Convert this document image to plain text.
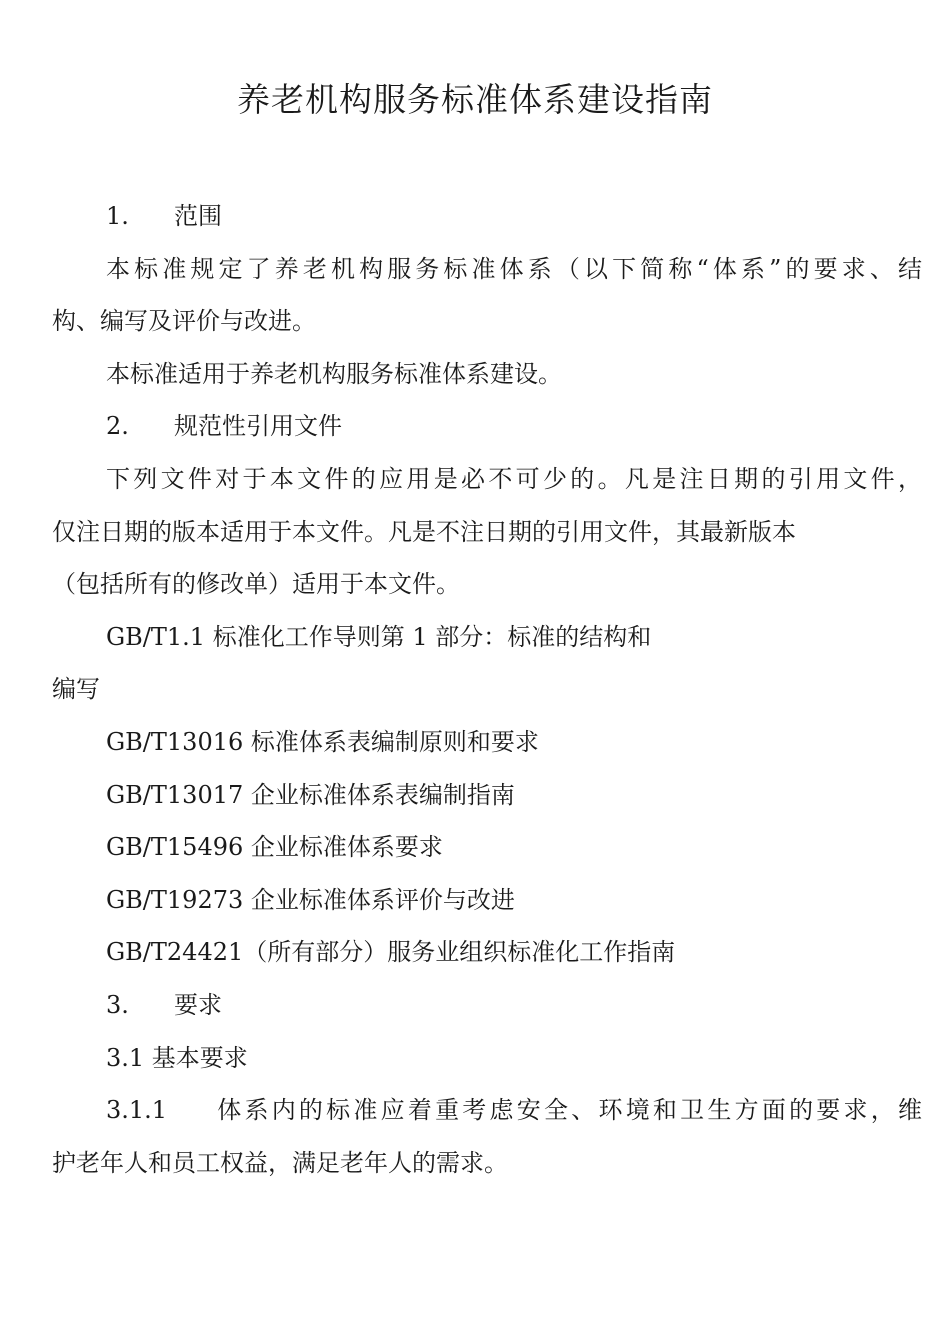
养老机构服务标准体系建设指南
1. 范围
本标准规定了养老机构服务标准体系（以下简称“体系”的要求、结
构、编写及评价与改进。
本标准适用于养老机构服务标准体系建设。
2. 规范性引用文件
下列文件对于本文件的应用是必不可少的。凡是注日期的引用文件，
仅注日期的版本适用于本文件。凡是不注日期的引用文件，其最新版本
（包括所有的修改单）适用于本文件。
GB/T1.1 标准化工作导则第 1 部分：标准的结构和
编写
GB/T13016 标准体系表编制原则和要求
GB/T13017 企业标准体系表编制指南
GB/T15496 企业标准体系要求
GB/T19273 企业标准体系评价与改进
GB/T24421（所有部分）服务业组织标准化工作指南
3. 要求
3.1 基本要求
3.1.1 体系内的标准应着重考虑安全、环境和卫生方面的要求，维
护老年人和员工权益，满足老年人的需求。
